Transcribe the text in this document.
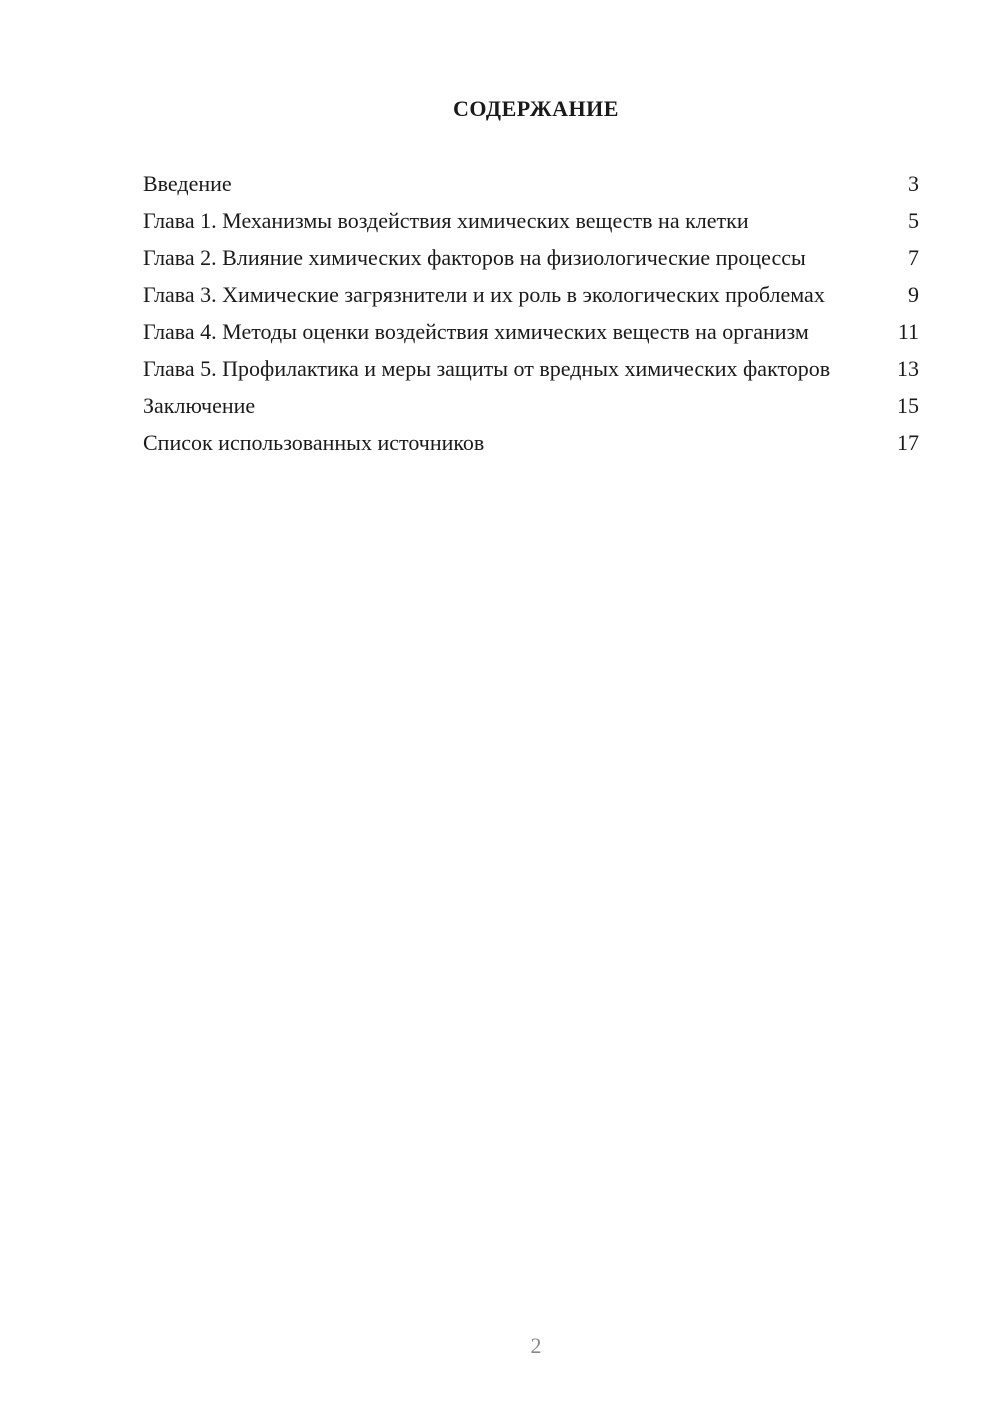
СОДЕРЖАНИЕ
Введение	3
Глава 1. Механизмы воздействия химических веществ на клетки	5
Глава 2. Влияние химических факторов на физиологические процессы	7
Глава 3. Химические загрязнители и их роль в экологических проблемах	9
Глава 4. Методы оценки воздействия химических веществ на организм	11
Глава 5. Профилактика и меры защиты от вредных химических факторов	13
Заключение	15
Список использованных источников	17
2
